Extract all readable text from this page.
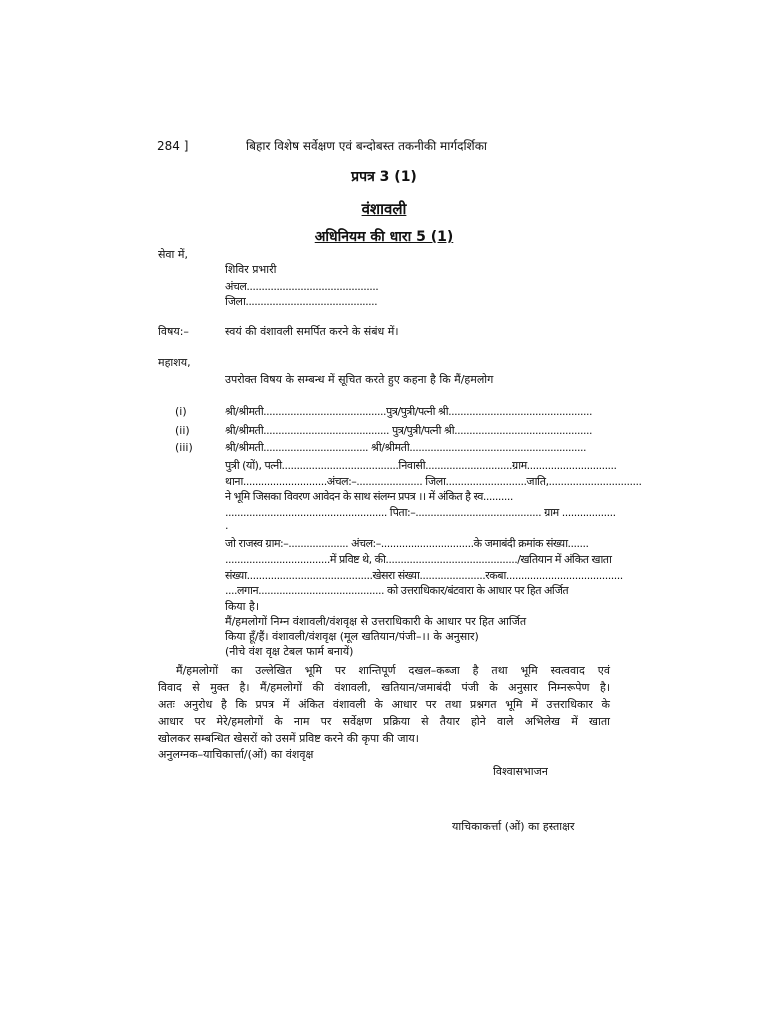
284 ]	बिहार विशेष सर्वेक्षण एवं बन्दोबस्त तकनीकी मार्गदर्शिका
प्रपत्र 3 (1)
वंशावली
अधिनियम की धारा 5 (1)
सेवा में,
शिविर प्रभारी
अंचल............................................
जिला............................................
विषय:–	स्वयं की वंशावली समर्पित करने के संबंध में।
महाशय,
उपरोक्त विषय के सम्बन्ध में सूचित करते हुए कहना है कि मैं/हमलोग
(i)	श्री/श्रीमती.........................................पुत्र/पुत्री/पत्नी श्री................................................
(ii)	श्री/श्रीमती.......................................... पुत्र/पुत्री/पत्नी श्री..............................................
(iii)	श्री/श्रीमती................................... श्री/श्रीमती...........................................................
पुत्री (यों), पत्नी.......................................निवासी.............................ग्राम..............................
थाना............................अंचल:–...................... जिला...........................जाति,...............................
ने भूमि जिसका विवरण आवेदन के साथ संलग्न प्रपत्र ।। में अंकित है स्व..........
...................................................... पिता:–.......................................... ग्राम ..................
.
जो राजस्व ग्राम:–.................... अंचल:–...............................के जमाबंदी क्रमांक संख्या.......
...................................में प्रविष्ट थे, की............................................/खतियान में अंकित खाता
संख्या..........................................खेसरा संख्या......................रकबा.......................................
....लगान.......................................... को उत्तराधिकार/बंटवारा के आधार पर हित अर्जित
किया है।
मैं/हमलोगों निम्न वंशावली/वंशवृक्ष से उत्तराधिकारी के आधार पर हित आर्जित
किया हूँ/हैं। वंशावली/वंशवृक्ष (मूल खतियान/पंजी–।। के अनुसार)
(नीचे वंश वृक्ष टेबल फार्म बनायें)
मैं/हमलोगों का उल्लेखित भूमि पर शान्तिपूर्ण दखल–कब्जा है तथा भूमि स्वत्ववाद एवं
विवाद से मुक्त है। मैं/हमलोगों की वंशावली, खतियान/जमाबंदी पंजी के अनुसार निम्नरूपेण है।
अतः अनुरोध है कि प्रपत्र में अंकित वंशावली के आधार पर तथा प्रश्नगत भूमि में उत्तराधिकार के
आधार पर मेरे/हमलोगों के नाम पर सर्वेक्षण प्रक्रिया से तैयार होने वाले अभिलेख में खाता
खोलकर सम्बन्धित खेसरों को उसमें प्रविष्ट करने की कृपा की जाय।
अनुलग्नक–याचिकार्त्ता/(ओं) का वंशवृक्ष
विश्वासभाजन
याचिकाकर्त्ता (ओं) का हस्ताक्षर
